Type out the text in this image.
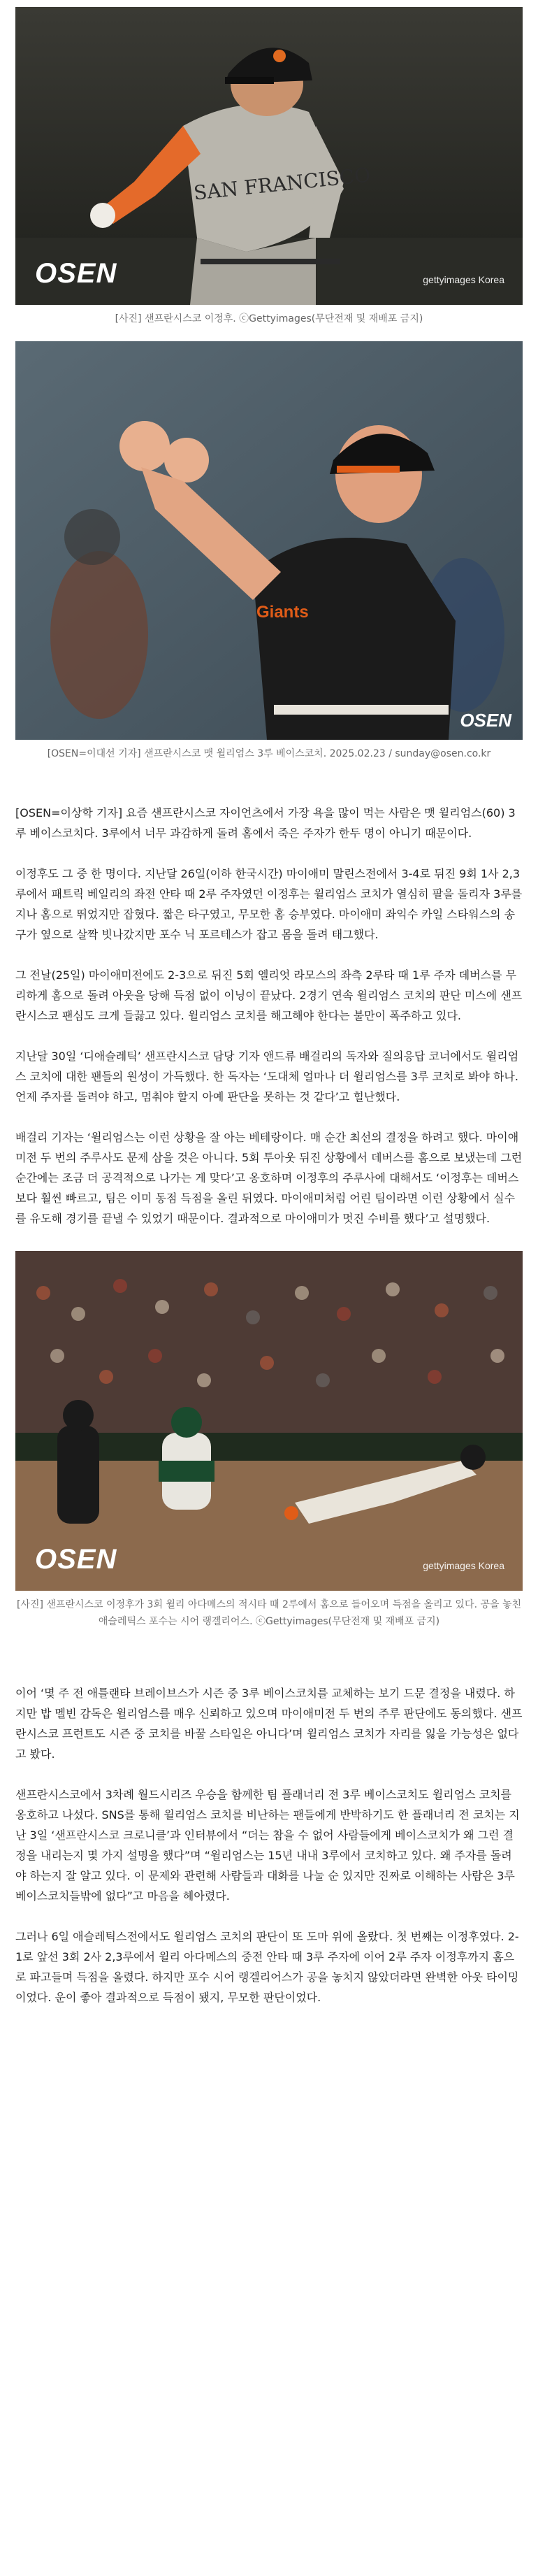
SAN FRANCISCO
OSEN	gettyimages Korea
[사진] 샌프란시스코 이정후. ⓒGettyimages(무단전재 및 재배포 금지)
Giants
OSEN
[OSEN=이대선 기자] 샌프란시스코 맷 윌리엄스 3루 베이스코치. 2025.02.23 / sunday@osen.co.kr

[OSEN=이상학 기자] 요즘 샌프란시스코 자이언츠에서 가장 욕을 많이 먹는 사람은 맷 윌리엄스(60) 3루 베이스코치다. 3루에서 너무 과감하게 돌려 홈에서 죽은 주자가 한두 명이 아니기 때문이다.

이정후도 그 중 한 명이다. 지난달 26일(이하 한국시간) 마이애미 말린스전에서 3-4로 뒤진 9회 1사 2,3루에서 패트릭 베일리의 좌전 안타 때 2루 주자였던 이정후는 윌리엄스 코치가 열심히 팔을 돌리자 3루를 지나 홈으로 뛰었지만 잡혔다. 짧은 타구였고, 무모한 홈 승부였다. 마이애미 좌익수 카일 스타워스의 송구가 옆으로 살짝 빗나갔지만 포수 닉 포르테스가 잡고 몸을 돌려 태그했다.

그 전날(25일) 마이애미전에도 2-3으로 뒤진 5회 엘리엇 라모스의 좌측 2루타 때 1루 주자 데버스를 무리하게 홈으로 돌려 아웃을 당해 득점 없이 이닝이 끝났다. 2경기 연속 윌리엄스 코치의 판단 미스에 샌프란시스코 팬심도 크게 들끓고 있다. 윌리엄스 코치를 해고해야 한다는 불만이 폭주하고 있다.

지난달 30일 ‘디애슬레틱’ 샌프란시스코 담당 기자 앤드류 배걸리의 독자와 질의응답 코너에서도 윌리엄스 코치에 대한 팬들의 원성이 가득했다. 한 독자는 ‘도대체 얼마나 더 윌리엄스를 3루 코치로 봐야 하나. 언제 주자를 돌려야 하고, 멈춰야 할지 아예 판단을 못하는 것 같다’고 힐난했다.

배걸리 기자는 ‘윌리엄스는 이런 상황을 잘 아는 베테랑이다. 매 순간 최선의 결정을 하려고 했다. 마이애미전 두 번의 주루사도 문제 삼을 것은 아니다. 5회 투아웃 뒤진 상황에서 데버스를 홈으로 보냈는데 그런 순간에는 조금 더 공격적으로 나가는 게 맞다’고 옹호하며 이정후의 주루사에 대해서도 ‘이정후는 데버스보다 훨씬 빠르고, 팀은 이미 동점 득점을 올린 뒤였다. 마이애미처럼 어린 팀이라면 이런 상황에서 실수를 유도해 경기를 끝낼 수 있었기 때문이다. 결과적으로 마이애미가 멋진 수비를 했다’고 설명했다.

OSEN	gettyimages Korea
[사진] 샌프란시스코 이정후가 3회 윌리 아다메스의 적시타 때 2루에서 홈으로 들어오며 득점을 올리고 있다. 공을 놓친 애슬레틱스 포수는 시어 랭겔리어스. ⓒGettyimages(무단전재 및 재배포 금지)

이어 ‘몇 주 전 애틀랜타 브레이브스가 시즌 중 3루 베이스코치를 교체하는 보기 드문 결정을 내렸다. 하지만 밥 멜빈 감독은 윌리엄스를 매우 신뢰하고 있으며 마이애미전 두 번의 주루 판단에도 동의했다. 샌프란시스코 프런트도 시즌 중 코치를 바꿀 스타일은 아니다’며 윌리엄스 코치가 자리를 잃을 가능성은 없다고 봤다.

샌프란시스코에서 3차례 월드시리즈 우승을 함께한 팀 플래너리 전 3루 베이스코치도 윌리엄스 코치를 옹호하고 나섰다. SNS를 통해 윌리엄스 코치를 비난하는 팬들에게 반박하기도 한 플래너리 전 코치는 지난 3일 ‘샌프란시스코 크로니클’과 인터뷰에서 “더는 참을 수 없어 사람들에게 베이스코치가 왜 그런 결정을 내리는지 몇 가지 설명을 했다”며 “윌리엄스는 15년 내내 3루에서 코치하고 있다. 왜 주자를 돌려야 하는지 잘 알고 있다. 이 문제와 관련해 사람들과 대화를 나눌 순 있지만 진짜로 이해하는 사람은 3루 베이스코치들밖에 없다”고 마음을 헤아렸다.

그러나 6일 애슬레틱스전에서도 윌리엄스 코치의 판단이 또 도마 위에 올랐다. 첫 번째는 이정후였다. 2-1로 앞선 3회 2사 2,3루에서 윌리 아다메스의 중전 안타 때 3루 주자에 이어 2루 주자 이정후까지 홈으로 파고들며 득점을 올렸다. 하지만 포수 시어 랭겔리어스가 공을 놓치지 않았더라면 완벽한 아웃 타이밍이었다. 운이 좋아 결과적으로 득점이 됐지, 무모한 판단이었다.
